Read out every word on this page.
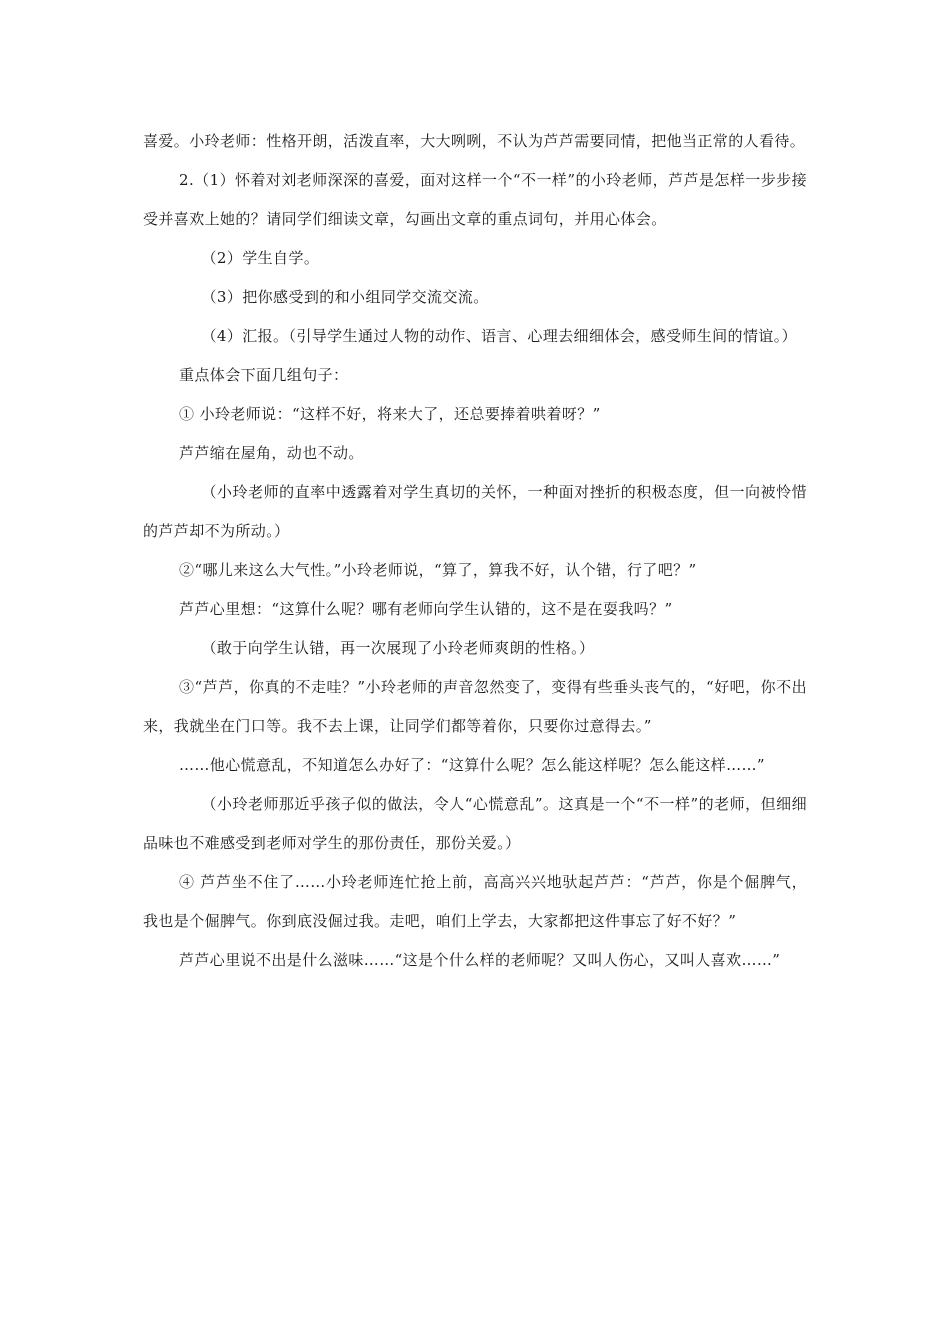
喜爱。小玲老师：性格开朗，活泼直率，大大咧咧，不认为芦芦需要同情，把他当正常的人看待。

2.（1）怀着对刘老师深深的喜爱，面对这样一个“不一样”的小玲老师，芦芦是怎样一步步接受并喜欢上她的？请同学们细读文章，勾画出文章的重点词句，并用心体会。

（2）学生自学。

（3）把你感受到的和小组同学交流交流。

（4）汇报。（引导学生通过人物的动作、语言、心理去细细体会，感受师生间的情谊。）

重点体会下面几组句子：

① 小玲老师说：“这样不好，将来大了，还总要捧着哄着呀？”

芦芦缩在屋角，动也不动。

（小玲老师的直率中透露着对学生真切的关怀，一种面对挫折的积极态度，但一向被怜惜的芦芦却不为所动。）

②“哪儿来这么大气性。”小玲老师说，“算了，算我不好，认个错，行了吧？”

芦芦心里想：“这算什么呢？哪有老师向学生认错的，这不是在耍我吗？”

（敢于向学生认错，再一次展现了小玲老师爽朗的性格。）

③“芦芦，你真的不走哇？”小玲老师的声音忽然变了，变得有些垂头丧气的，“好吧，你不出来，我就坐在门口等。我不去上课，让同学们都等着你，只要你过意得去。”

……他心慌意乱，不知道怎么办好了：“这算什么呢？怎么能这样呢？怎么能这样……”

（小玲老师那近乎孩子似的做法，令人“心慌意乱”。这真是一个“不一样”的老师，但细细品味也不难感受到老师对学生的那份责任，那份关爱。）

④ 芦芦坐不住了……小玲老师连忙抢上前，高高兴兴地驮起芦芦：“芦芦，你是个倔脾气，我也是个倔脾气。你到底没倔过我。走吧，咱们上学去，大家都把这件事忘了好不好？”

芦芦心里说不出是什么滋味……“这是个什么样的老师呢？又叫人伤心，又叫人喜欢……”
